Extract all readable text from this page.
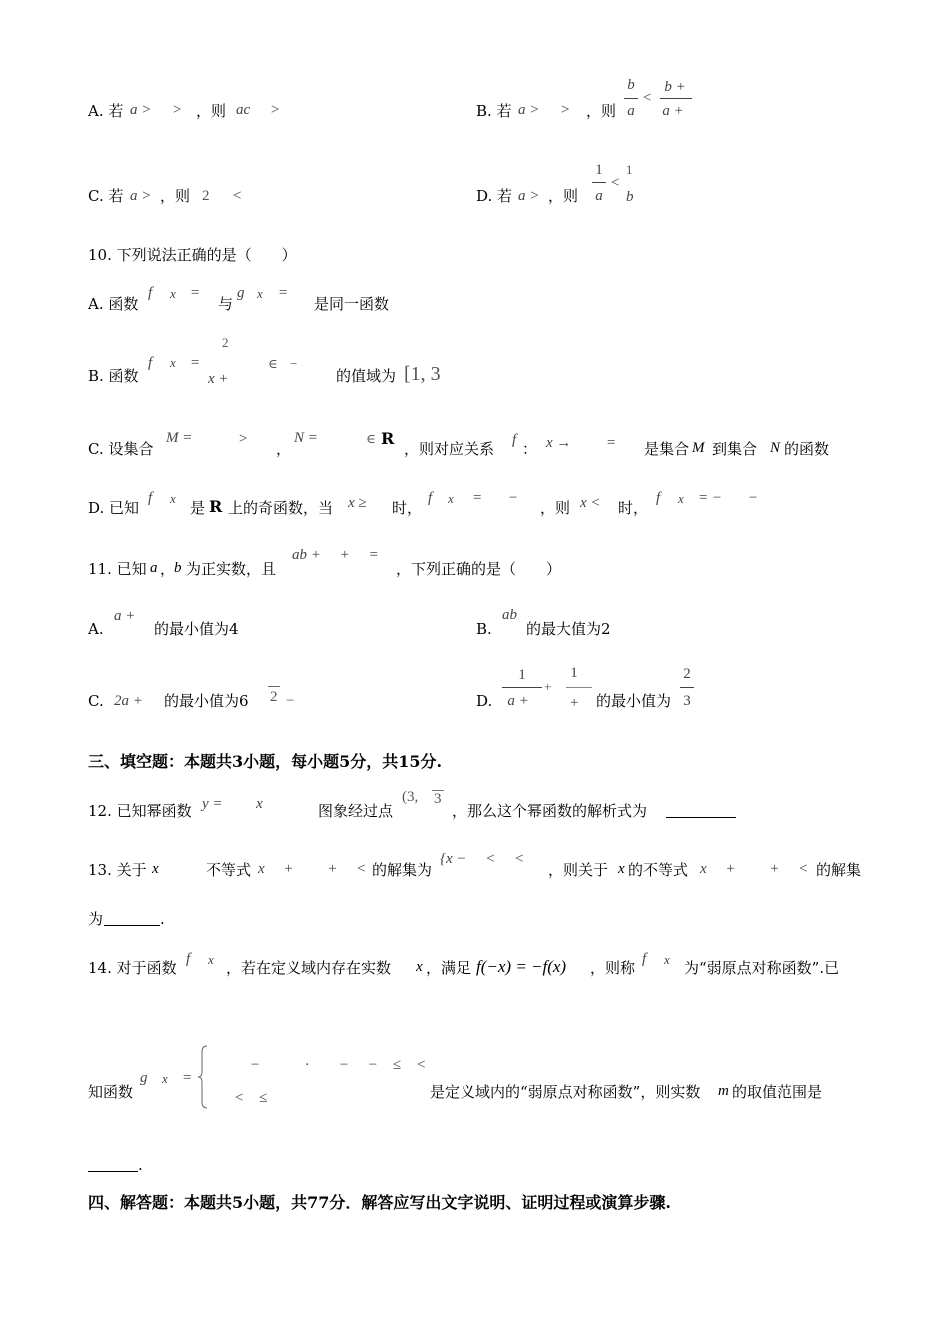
A. 若 a > > ，则 ac >	B. 若 a > > ，则
b
a
<
b +
a +
C. 若 a > ，则 2 <	D. 若 a > ，则
1
a
<
1
b
10. 下列说法正确的是（　　）
A. 函数
f x =
与
g x =
是同一函数
B. 函数
f x =
2
x +
∈ −
的值域为 [1, 3
C. 设集合
M =	>
，
N =	∈ R
，则对应关系 f ： x → = 是集合 M 到集合 N 的函数
D. 已知
f x
是 R 上的奇函数，当 x ≥ 时，
f x = −
，则 x < 时，
f x = − −
11. 已知 a ，
b 为正实数，且
ab +　 +　 =
，下列正确的是（　　）
A.
a +
的最小值为4	B.
ab
的最大值为2
C. 2a + 的最小值为6 2 −	D.
1
a +
+
1
+ 的最小值为
2
3
三、填空题：本题共3小题，每小题5分，共15分.
12. 已知幂函数 y = x	图象经过点
(3, 3
，那么这个幂函数的解析式为
13. 关于 x	不等式 x　 +　　 +　 < 的解集为
{x −　 <　 <
，则关于 x 的不等式 x　 +　　 +　 < 的解集
为	.
14. 对于函数 f x ，若在定义域内存在实数 x ，满足 f(−x) = −f(x) ，则称 f x 为“弱原点对称函数”.已
知函数
g x =
−　　　·　　−　 −　≤　<
<　≤	是定义域内的“弱原点对称函数”，则实数 m 的取值范围是
.
四、解答题：本题共5小题，共77分．解答应写出文字说明、证明过程或演算步骤.
